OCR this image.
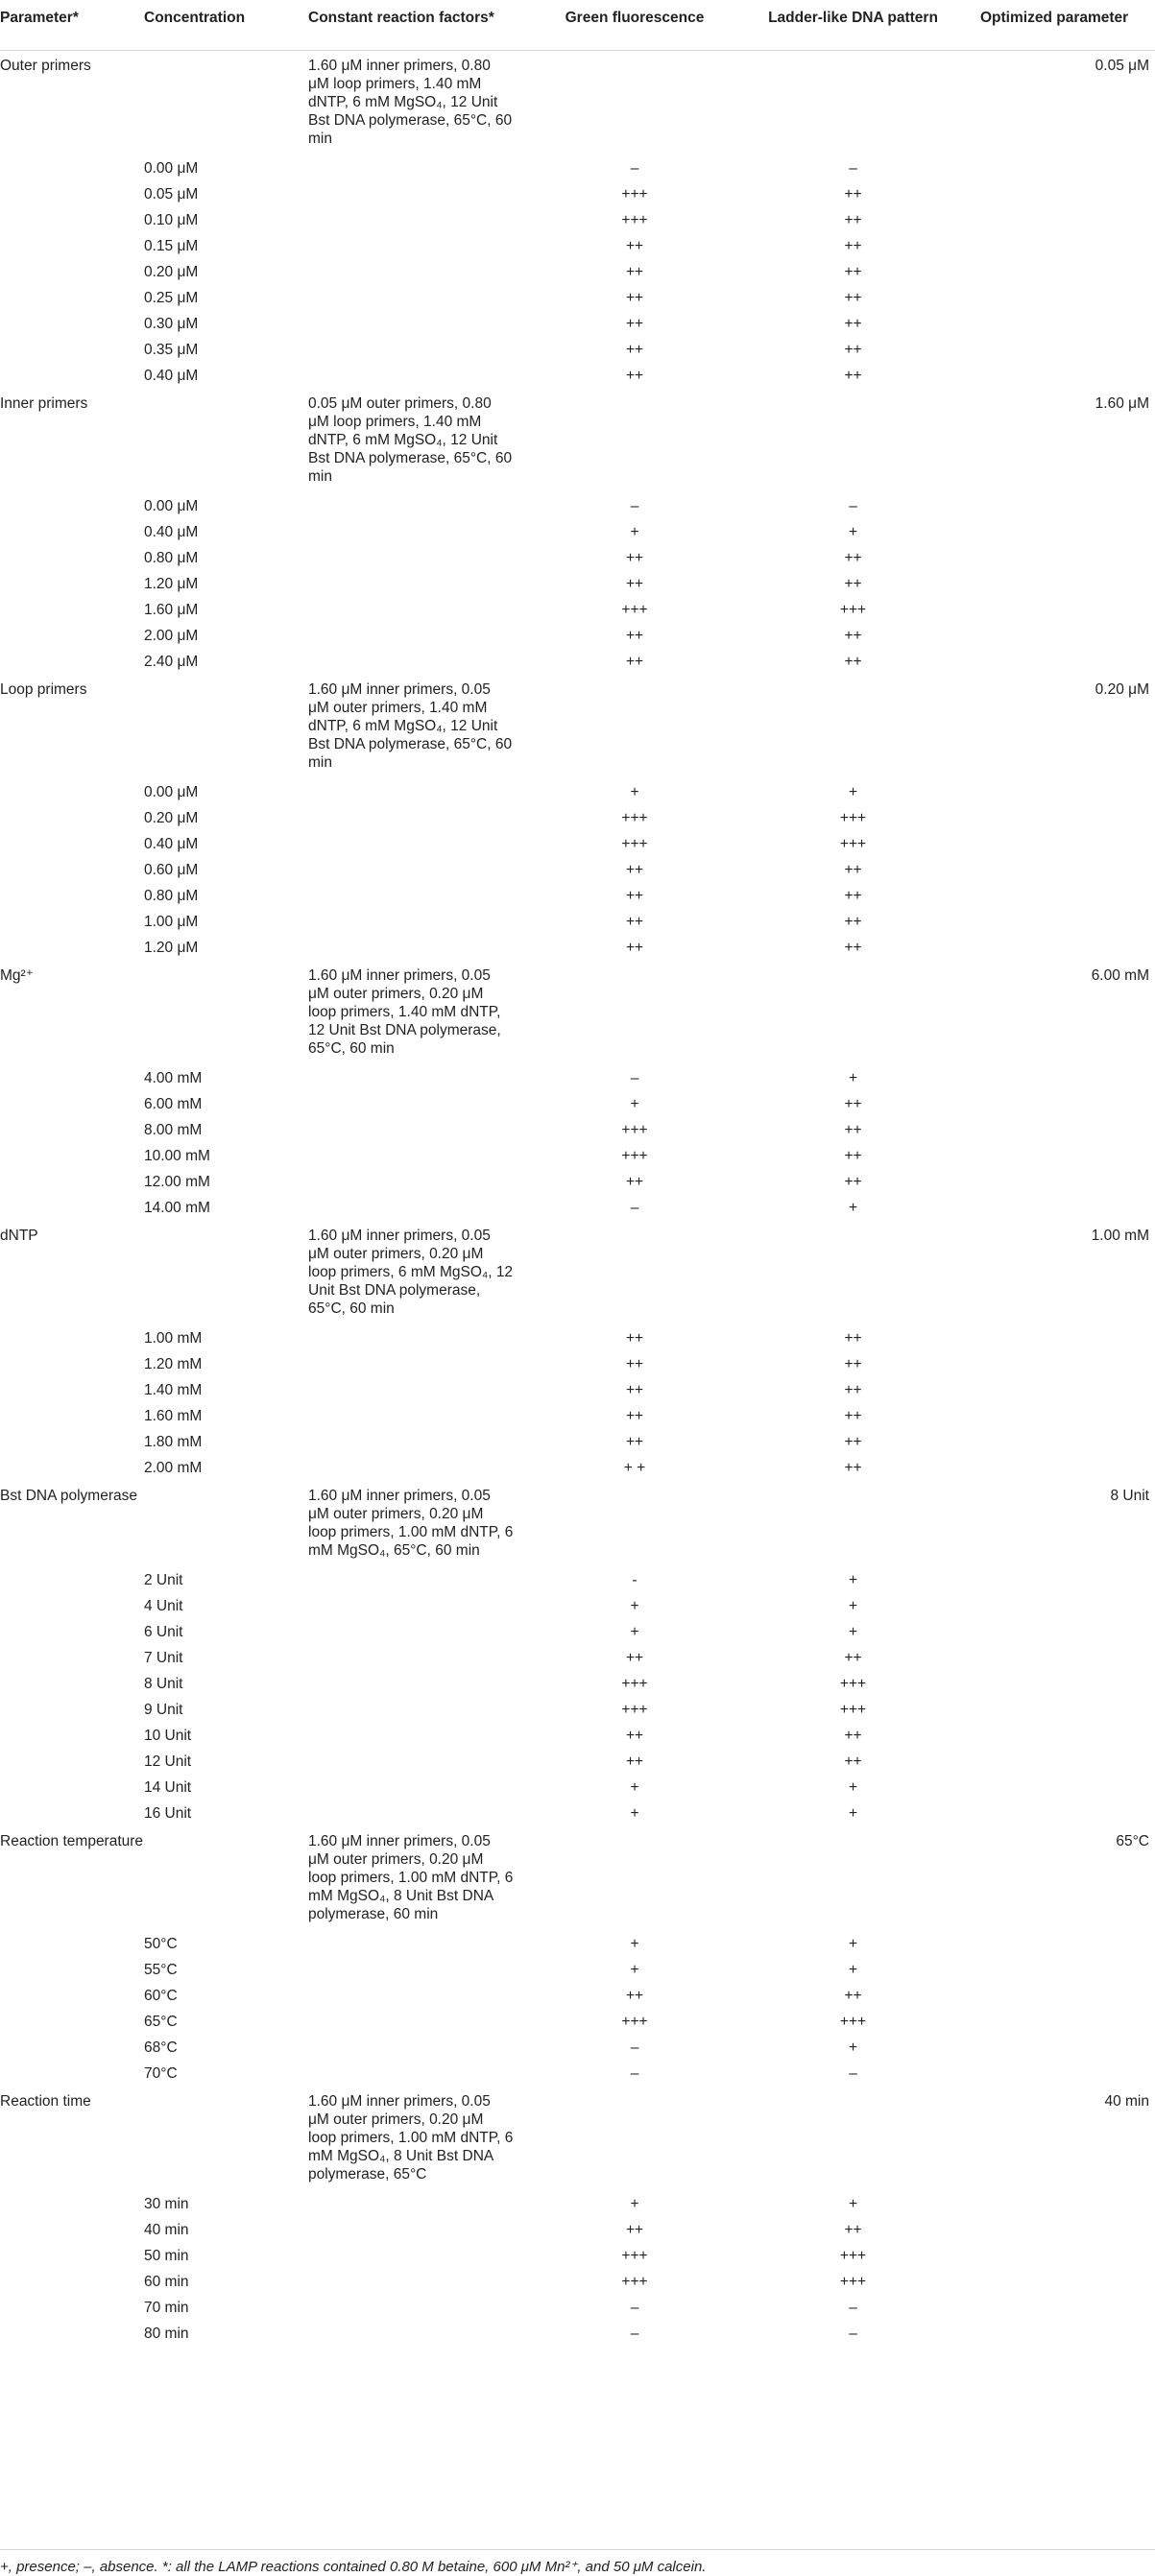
Parameter*	Concentration	Constant reaction factors*	Green fluorescence	Ladder-like DNA pattern	Optimized parameter
Outer primers		1.60 μM inner primers, 0.80 μM loop primers, 1.40 mM dNTP, 6 mM MgSO₄, 12 Unit Bst DNA polymerase, 65°C, 60 min			0.05 μM
	0.00 μM		–	–	
	0.05 μM		+++	++	
	0.10 μM		+++	++	
	0.15 μM		++	++	
	0.20 μM		++	++	
	0.25 μM		++	++	
	0.30 μM		++	++	
	0.35 μM		++	++	
	0.40 μM		++	++	
Inner primers		0.05 μM outer primers, 0.80 μM loop primers, 1.40 mM dNTP, 6 mM MgSO₄, 12 Unit Bst DNA polymerase, 65°C, 60 min			1.60 μM
	0.00 μM		–	–	
	0.40 μM		+	+	
	0.80 μM		++	++	
	1.20 μM		++	++	
	1.60 μM		+++	+++	
	2.00 μM		++	++	
	2.40 μM		++	++	
Loop primers		1.60 μM inner primers, 0.05 μM outer primers, 1.40 mM dNTP, 6 mM MgSO₄, 12 Unit Bst DNA polymerase, 65°C, 60 min			0.20 μM
	0.00 μM		+	+	
	0.20 μM		+++	+++	
	0.40 μM		+++	+++	
	0.60 μM		++	++	
	0.80 μM		++	++	
	1.00 μM		++	++	
	1.20 μM		++	++	
Mg²⁺		1.60 μM inner primers, 0.05 μM outer primers, 0.20 μM loop primers, 1.40 mM dNTP, 12 Unit Bst DNA polymerase, 65°C, 60 min			6.00 mM
	4.00 mM		–	+	
	6.00 mM		+	++	
	8.00 mM		+++	++	
	10.00 mM		+++	++	
	12.00 mM		++	++	
	14.00 mM		–	+	
dNTP		1.60 μM inner primers, 0.05 μM outer primers, 0.20 μM loop primers, 6 mM MgSO₄, 12 Unit Bst DNA polymerase, 65°C, 60 min			1.00 mM
	1.00 mM		++	++	
	1.20 mM		++	++	
	1.40 mM		++	++	
	1.60 mM		++	++	
	1.80 mM		++	++	
	2.00 mM		+ +	++	
Bst DNA polymerase		1.60 μM inner primers, 0.05 μM outer primers, 0.20 μM loop primers, 1.00 mM dNTP, 6 mM MgSO₄, 65°C, 60 min			8 Unit
	2 Unit		-	+	
	4 Unit		+	+	
	6 Unit		+	+	
	7 Unit		++	++	
	8 Unit		+++	+++	
	9 Unit		+++	+++	
	10 Unit		++	++	
	12 Unit		++	++	
	14 Unit		+	+	
	16 Unit		+	+	
Reaction temperature		1.60 μM inner primers, 0.05 μM outer primers, 0.20 μM loop primers, 1.00 mM dNTP, 6 mM MgSO₄, 8 Unit Bst DNA polymerase, 60 min			65°C
	50°C		+	+	
	55°C		+	+	
	60°C		++	++	
	65°C		+++	+++	
	68°C		–	+	
	70°C		–	–	
Reaction time		1.60 μM inner primers, 0.05 μM outer primers, 0.20 μM loop primers, 1.00 mM dNTP, 6 mM MgSO₄, 8 Unit Bst DNA polymerase, 65°C			40 min
	30 min		+	+	
	40 min		++	++	
	50 min		+++	+++	
	60 min		+++	+++	
	70 min		–	–	
	80 min		–	–	
+, presence; –, absence. *: all the LAMP reactions contained 0.80 M betaine, 600 μM Mn²⁺, and 50 μM calcein.
